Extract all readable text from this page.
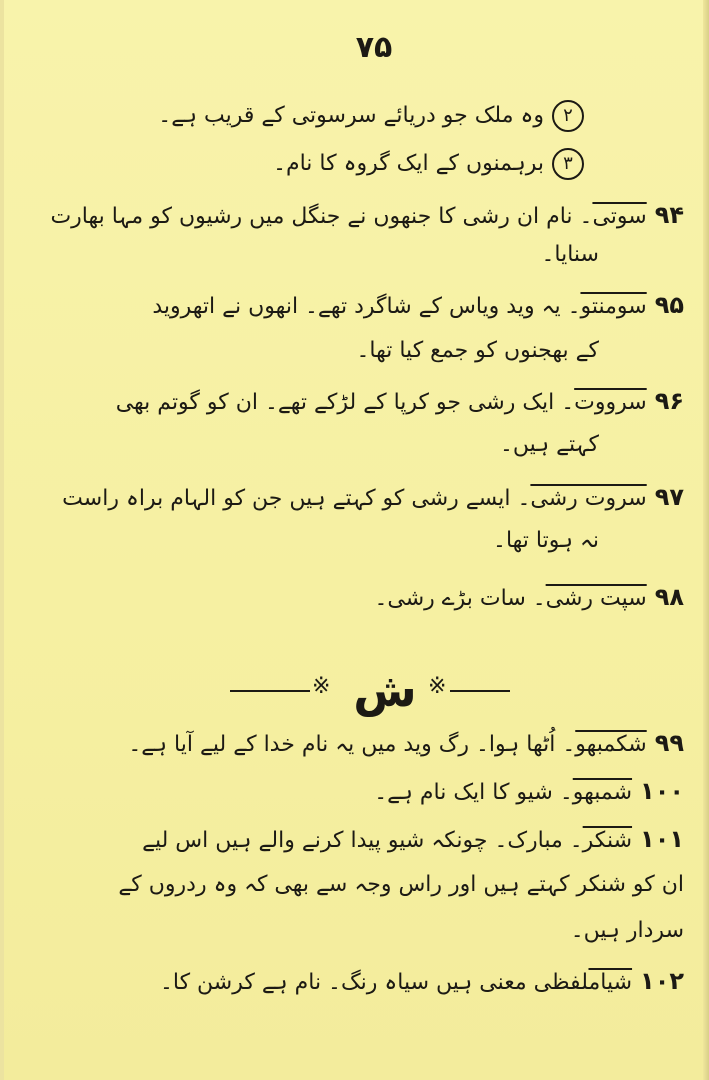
۷۵
۲وہ ملک جو دریائے سرسوتی کے قریب ہے۔
۳برہمنوں کے ایک گروہ کا نام۔
۹۴سوتی۔ نام ان رشی کا جنھوں نے جنگل میں رشیوں کو مہا بھارت
سنایا۔
۹۵سومنتو۔ یہ وید ویاس کے شاگرد تھے۔ انھوں نے اتھروید
کے بھجنوں کو جمع کیا تھا۔
۹۶سرووت۔ ایک رشی جو کرپا کے لڑکے تھے۔ ان کو گوتم بھی
کہتے ہیں۔
۹۷سروت رشی۔ ایسے رشی کو کہتے ہیں جن کو الہام براہ راست
نہ ہوتا تھا۔
۹۸سپت رشی۔ سات بڑے رشی۔
※ ش ※
۹۹شکمبھو۔ اُٹھا ہوا۔ رگ وید میں یہ نام خدا کے لیے آیا ہے۔
۱۰۰شمبھو۔ شیو کا ایک نام ہے۔
۱۰۱شنکر۔ مبارک۔ چونکہ شیو پیدا کرنے والے ہیں اس لیے
ان کو شنکر کہتے ہیں اور راس وجہ سے بھی کہ وہ ردروں کے
سردار ہیں۔
۱۰۲شیاملفظی معنی ہیں سیاہ رنگ۔ نام ہے کرشن کا۔
